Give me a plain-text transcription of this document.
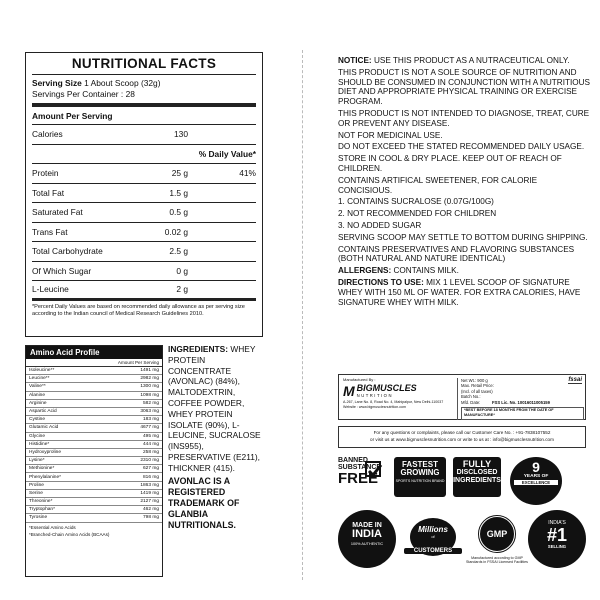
NUTRITIONAL FACTS
Serving Size 1 About Scoop (32g)
Servings Per Container : 28
Amount Per Serving
Calories	130
% Daily Value*
Protein	25 g	41%
Total Fat	1.5 g
Saturated Fat	0.5 g
Trans Fat	0.02 g
Total Carbohydrate	2.5 g
Of Which Sugar	0 g
L-Leucine	2 g
*Percent Daily Values are based on recommended daily allowance as per serving size according to the Indian council of Medical Research Guidelines 2010.
Amino Acid Profile
Amount Per Serving
Isoleucine**	1491 mg
Leucine**	2982 mg
Valine**	1300 mg
Alanine	1098 mg
Arginine	582 mg
Aspartic Acid	3063 mg
Cystine	183 mg
Glutamic Acid	4677 mg
Glycine	495 mg
Histidine*	444 mg
Hydroxyproline	258 mg
Lysine*	2310 mg
Methionine*	627 mg
Phenylalanine*	816 mg
Proline	1863 mg
Serine	1419 mg
Threonine*	2127 mg
Tryptophan*	462 mg
Tyrosine	798 mg
*Essential Amino Acids
*Branched-Chain Amino Acids (BCAAs)
INGREDIENTS: WHEY PROTEIN CONCENTRATE (AVONLAC) (84%), MALTODEXTRIN, COFFEE POWDER, WHEY PROTEIN ISOLATE (90%), L-LEUCINE, SUCRALOSE (INS955), PRESERVATIVE (E211), THICKNER (415).
AVONLAC IS A REGISTERED TRADEMARK OF GLANBIA NUTRITIONALS.

NOTICE: USE THIS PRODUCT AS A NUTRACEUTICAL ONLY.

THIS PRODUCT IS NOT A SOLE SOURCE OF NUTRITION AND SHOULD BE CONSUMED IN CONJUNCTION WITH A NUTRITIOUS DIET AND APPROPRIATE PHYSICAL TRAINING OR EXERCISE PROGRAM.

THIS PRODUCT IS NOT INTENDED TO DIAGNOSE, TREAT, CURE OR PREVENT ANY DISEASE.

NOT FOR MEDICINAL USE.

DO NOT EXCEED THE STATED RECOMMENDED DAILY USAGE.

STORE IN COOL & DRY PLACE. KEEP OUT OF REACH OF CHILDREN.

CONTAINS ARTIFICAL SWEETENER, FOR CALORIE CONCISIOUS.

1. CONTAINS SUCRALOSE (0.07G/100G)

2. NOT RECOMMENDED FOR CHILDREN

3. NO ADDED SUGAR

SERVING SCOOP MAY SETTLE TO BOTTOM DURING SHIPPING.

CONTAINS PRESERVATIVES AND FLAVORING SUBSTANCES (BOTH NATURAL AND NATURE IDENTICAL)

ALLERGENS: CONTAINS MILK.

DIRECTIONS TO USE: MIX 1 LEVEL SCOOP OF SIGNATURE WHEY WITH 150 ML OF WATER. FOR EXTRA CALORIES, HAVE SIGNATURE WHEY WITH MILK.

Manufactured By :
M BIGMUSCLES
NUTRITION
A-267, Lane No. 8, Road No. 4, Mahipalpur, New Delhi-110037
Website : www.bigmusclesnutrition.com
Net Wt.: 900 g
Max. Retail Price:
(Incl. of all taxes)
Batch No.:
Mfd. Date:	FSS Lic. No. 10016011005159
*BEST BEFORE 18 MONTHS FROM THE DATE OF MANUFACTURE*
fssai
For any questions or complaints, please call our Customer Care No. : +91-7838107552
or visit us at www.bigmusclesnutrition.com or write to us at : info@bigmusclesnutrition.com
BANNED
SUBSTANCE
FREE
FASTEST
GROWING
SPORTS NUTRITION BRAND
FULLY
DISCLOSED
INGREDIENTS
9
YEARS OF
EXCELLENCE
MADE IN
INDIA
100% AUTHENTIC
Millions
of
CUSTOMERS
GMP
Manufactured according to GMP Standards in FSSAI Licensed Facilities
INDIA'S
#1
SELLING
